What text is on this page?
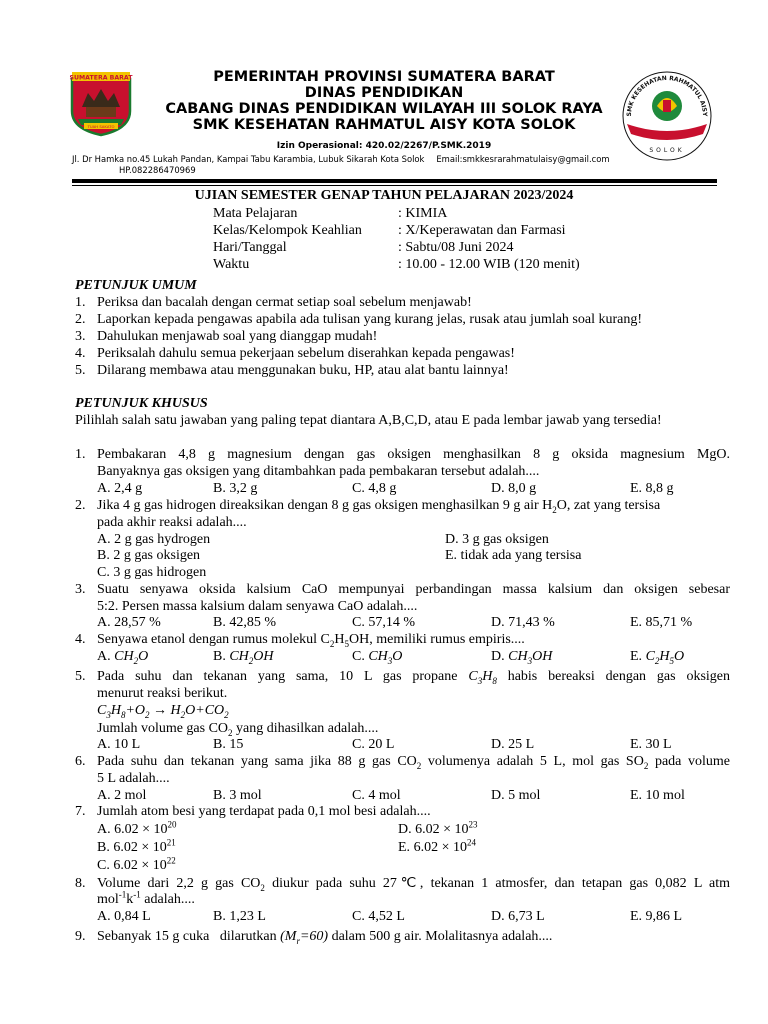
SUMATERA BARAT
TUAH SAKATO
SMK KESEHATAN RAHMATUL AISY
SOLOK
PEMERINTAH PROVINSI SUMATERA BARAT
DINAS PENDIDIKAN
CABANG DINAS PENDIDIKAN WILAYAH III SOLOK RAYA
SMK KESEHATAN RAHMATUL AISY KOTA SOLOK
Izin Operasional: 420.02/2267/P.SMK.2019
Jl. Dr Hamka no.45 Lukah Pandan, Kampai Tabu Karambia, Lubuk Sikarah Kota Solok Email:smkkesrarahmatulaisy@gmail.com
HP.082286470969
UJIAN SEMESTER GENAP TAHUN PELAJARAN 2023/2024
Mata Pelajaran	: KIMIA
Kelas/Kelompok Keahlian	: X/Keperawatan dan Farmasi
Hari/Tanggal	: Sabtu/08 Juni 2024
Waktu	: 10.00 - 12.00 WIB (120 menit)
PETUNJUK UMUM
1. Periksa dan bacalah dengan cermat setiap soal sebelum menjawab!
2. Laporkan kepada pengawas apabila ada tulisan yang kurang jelas, rusak atau jumlah soal kurang!
3. Dahulukan menjawab soal yang dianggap mudah!
4. Periksalah dahulu semua pekerjaan sebelum diserahkan kepada pengawas!
5. Dilarang membawa atau menggunakan buku, HP, atau alat bantu lainnya!
PETUNJUK KHUSUS
Pilihlah salah satu jawaban yang paling tepat diantara A,B,C,D, atau E pada lembar jawab yang tersedia!
1. Pembakaran 4,8 g magnesium dengan gas oksigen menghasilkan 8 g oksida magnesium MgO.
Banyaknya gas oksigen yang ditambahkan pada pembakaran tersebut adalah....
A. 2,4 g	B. 3,2 g	C. 4,8 g	D. 8,0 g	E. 8,8 g
2. Jika 4 g gas hidrogen direaksikan dengan 8 g gas oksigen menghasilkan 9 g air $H_2O$, zat yang tersisa
pada akhir reaksi adalah....
A. 2 g gas hydrogen	D. 3 g gas oksigen
B. 2 g gas oksigen	E. tidak ada yang tersisa
C. 3 g gas hidrogen
3. Suatu senyawa oksida kalsium CaO mempunyai perbandingan massa kalsium dan oksigen sebesar
5:2. Persen massa kalsium dalam senyawa CaO adalah....
A. 28,57 %	B. 42,85 %	C. 57,14 %	D. 71,43 %	E. 85,71 %
4. Senyawa etanol dengan rumus molekul $C_2H_5OH$, memiliki rumus empiris....
A. $CH_2O$	B. $CH_2OH$	C. $CH_3O$	D. $CH_3OH$	E. $C_2H_5O$
5. Pada suhu dan tekanan yang sama, 10 L gas propane $C_3H_8$ habis bereaksi dengan gas oksigen
menurut reaksi berikut.
$C_3H_8+O_2 \to H_2O+CO_2$
Jumlah volume gas $CO_2$ yang dihasilkan adalah....
A. 10 L	B. 15	C. 20 L	D. 25 L	E. 30 L
6. Pada suhu dan tekanan yang sama jika 88 g gas $CO_2$ volumenya adalah 5 L, mol gas $SO_2$ pada volume
5 L adalah....
A. 2 mol	B. 3 mol	C. 4 mol	D. 5 mol	E. 10 mol
7. Jumlah atom besi yang terdapat pada 0,1 mol besi adalah....
A. $6.02 \times 10^{20}$	D. $6.02 \times 10^{23}$
B. $6.02 \times 10^{21}$	E. $6.02 \times 10^{24}$
C. $6.02 \times 10^{22}$
8. Volume dari 2,2 g gas $CO_2$ diukur pada suhu 27℃, tekanan 1 atmosfer, dan tetapan gas 0,082 L atm
$mol^{-1}k^{-1}$ adalah....
A. 0,84 L	B. 1,23 L	C. 4,52 L	D. 6,73 L	E. 9,86 L
9. Sebanyak 15 g cuka   dilarutkan $(M_r=60)$ dalam 500 g air. Molalitasnya adalah....
